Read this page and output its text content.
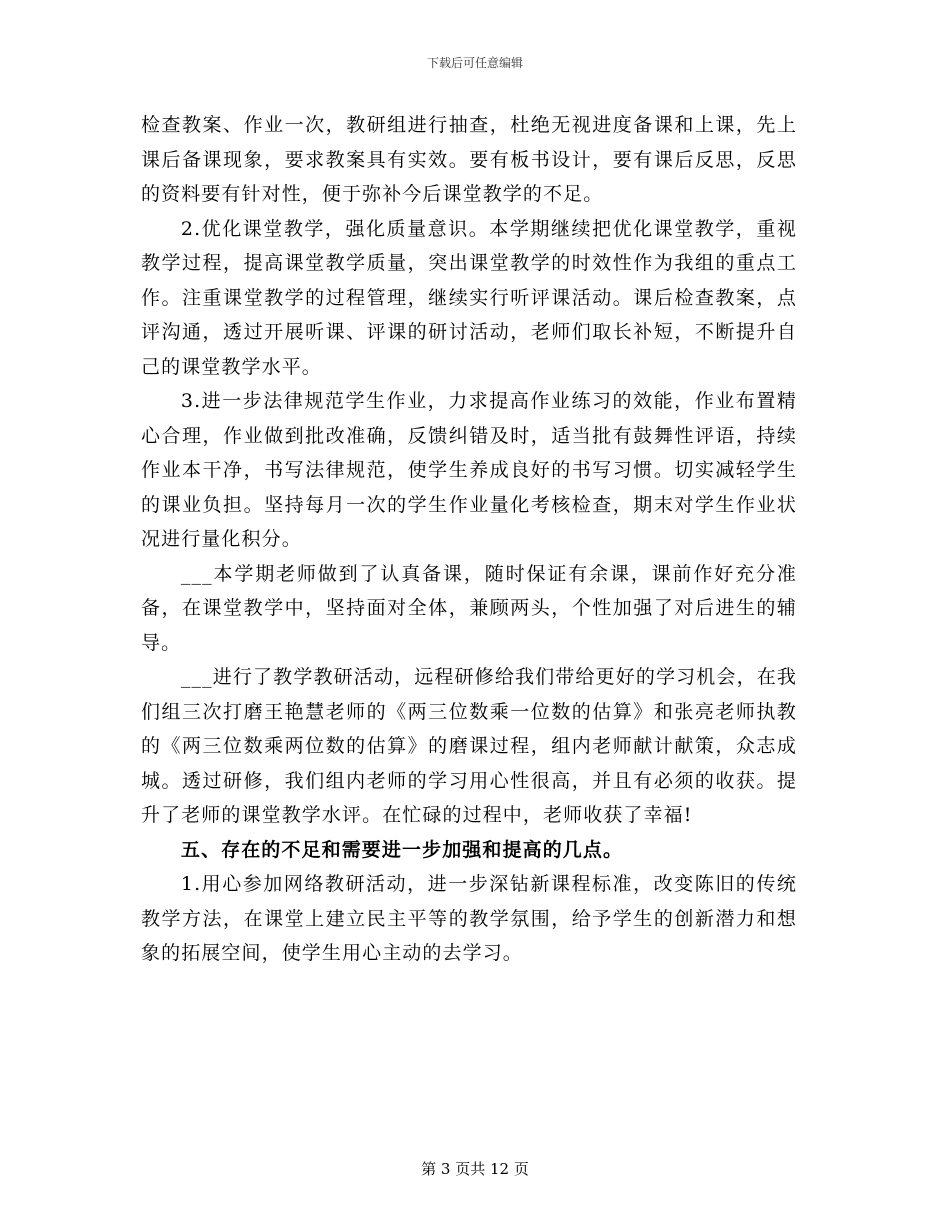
下载后可任意编辑

检查教案、作业一次，教研组进行抽查，杜绝无视进度备课和上课，先上课后备课现象，要求教案具有实效。要有板书设计，要有课后反思，反思的资料要有针对性，便于弥补今后课堂教学的不足。

2.优化课堂教学，强化质量意识。本学期继续把优化课堂教学，重视教学过程，提高课堂教学质量，突出课堂教学的时效性作为我组的重点工作。注重课堂教学的过程管理，继续实行听评课活动。课后检查教案，点评沟通，透过开展听课、评课的研讨活动，老师们取长补短，不断提升自己的课堂教学水平。

3.进一步法律规范学生作业，力求提高作业练习的效能，作业布置精心合理，作业做到批改准确，反馈纠错及时，适当批有鼓舞性评语，持续作业本干净，书写法律规范，使学生养成良好的书写习惯。切实减轻学生的课业负担。坚持每月一次的学生作业量化考核检查，期末对学生作业状况进行量化积分。

___本学期老师做到了认真备课，随时保证有余课，课前作好充分准备，在课堂教学中，坚持面对全体，兼顾两头，个性加强了对后进生的辅导。

___进行了教学教研活动，远程研修给我们带给更好的学习机会，在我们组三次打磨王艳慧老师的《两三位数乘一位数的估算》和张亮老师执教的《两三位数乘两位数的估算》的磨课过程，组内老师献计献策，众志成城。透过研修，我们组内老师的学习用心性很高，并且有必须的收获。提升了老师的课堂教学水评。在忙碌的过程中，老师收获了幸福!

五、存在的不足和需要进一步加强和提高的几点。

1.用心参加网络教研活动，进一步深钻新课程标准，改变陈旧的传统教学方法，在课堂上建立民主平等的教学氛围，给予学生的创新潜力和想象的拓展空间，使学生用心主动的去学习。

第 3 页共 12 页
